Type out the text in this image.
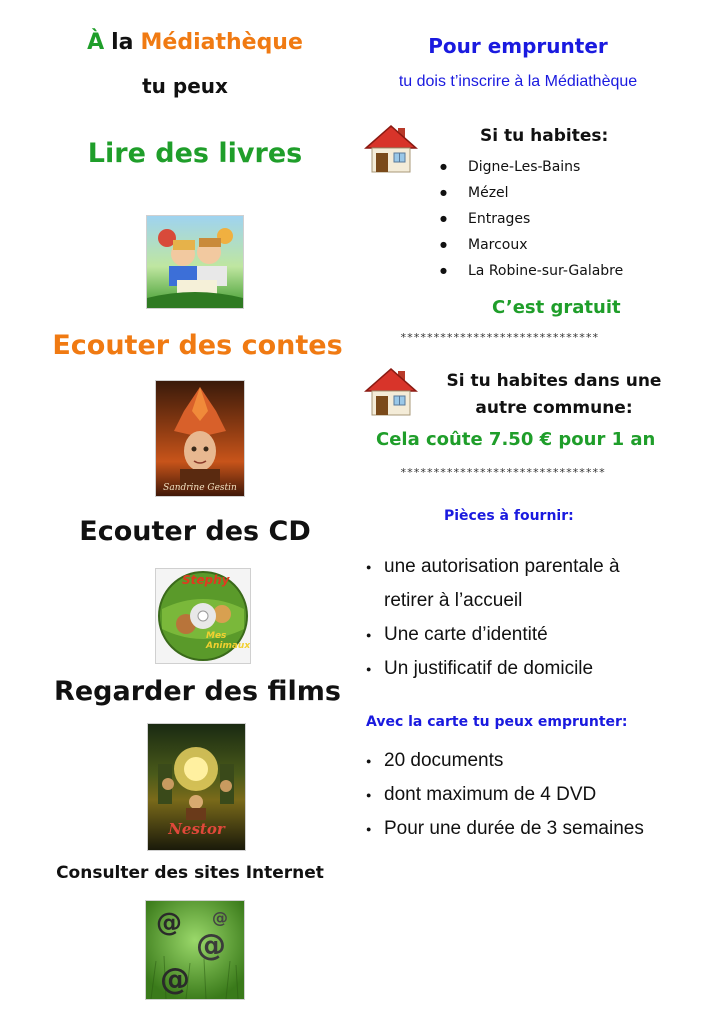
À la Médiathèque
tu peux
Lire des livres
Ecouter des contes
Sandrine Gestin
Ecouter des CD
Stephy
Mes Animaux
Regarder des films
Nestor
Consulter des sites Internet
@
@
@
@
Pour emprunter
tu dois t’inscrire à la Médiathèque
Si tu habites:
● Digne-Les-Bains
● Mézel
● Entrages
● Marcoux
● La Robine-sur-Galabre
C’est gratuit
******************************
Si tu habites dans une
autre commune:
Cela coûte 7.50 € pour 1 an
*******************************
Pièces à fournir:
● une autorisation parentale à
retirer à l’accueil
● Une carte d’identité
● Un justificatif de domicile
Avec la carte tu peux emprunter:
● 20 documents
● dont maximum de 4 DVD
● Pour une durée de 3 semaines
